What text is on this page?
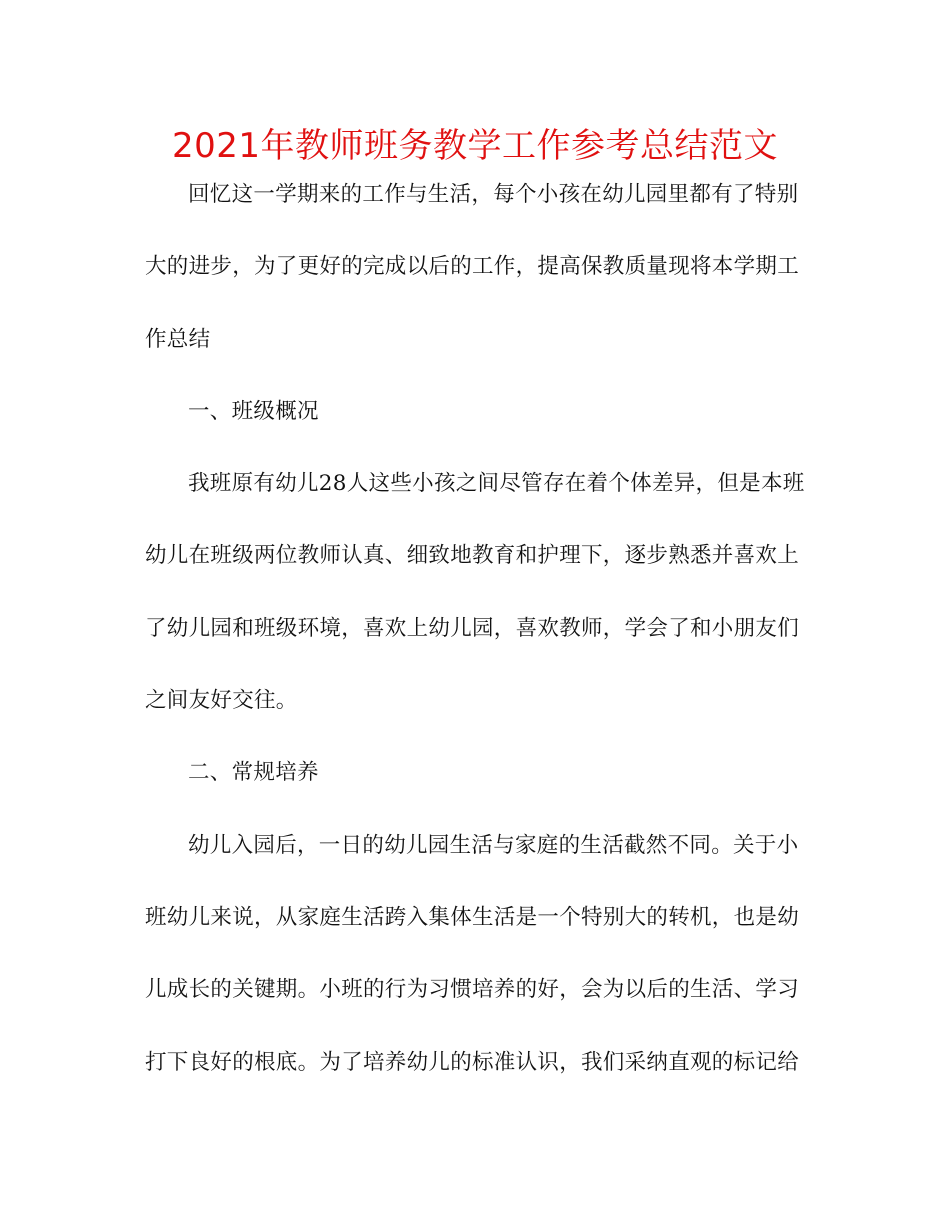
2021年教师班务教学工作参考总结范文
回忆这一学期来的工作与生活，每个小孩在幼儿园里都有了特别
大的进步，为了更好的完成以后的工作，提高保教质量现将本学期工
作总结
一、班级概况
我班原有幼儿28人这些小孩之间尽管存在着个体差异，但是本班
幼儿在班级两位教师认真、细致地教育和护理下，逐步熟悉并喜欢上
了幼儿园和班级环境，喜欢上幼儿园，喜欢教师，学会了和小朋友们
之间友好交往。
二、常规培养
幼儿入园后，一日的幼儿园生活与家庭的生活截然不同。关于小
班幼儿来说，从家庭生活跨入集体生活是一个特别大的转机，也是幼
儿成长的关键期。小班的行为习惯培养的好，会为以后的生活、学习
打下良好的根底。为了培养幼儿的标准认识，我们采纳直观的标记给
